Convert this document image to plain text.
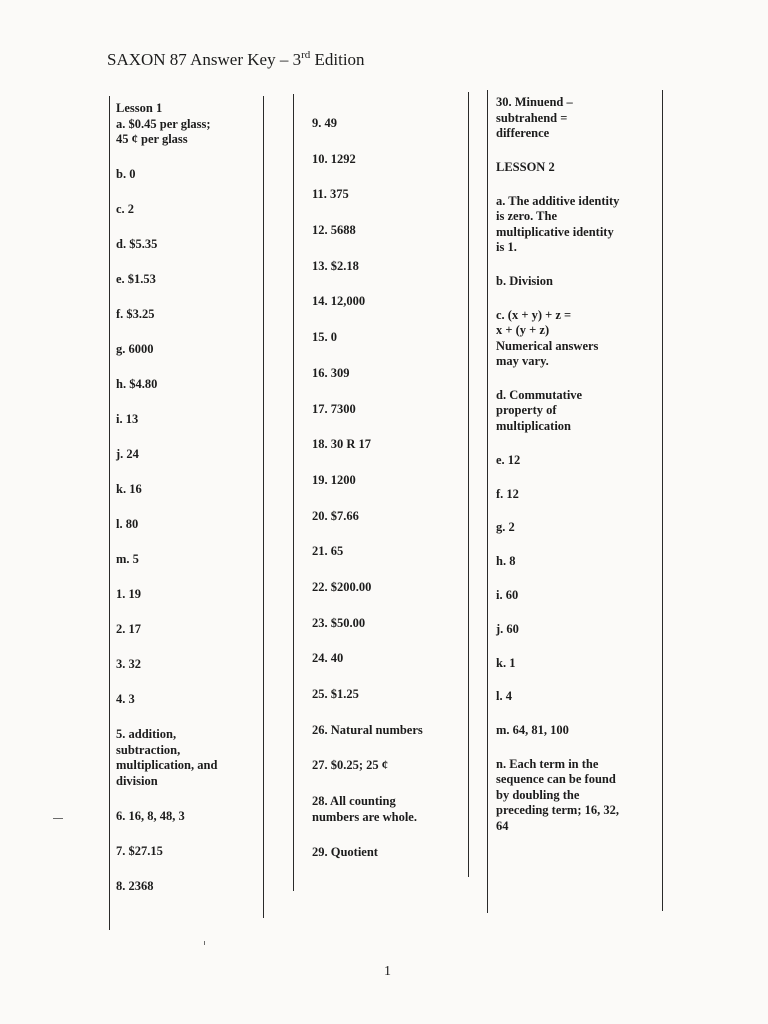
SAXON 87 Answer Key – 3rd Edition
Lesson 1
a. $0.45 per glass;
45 ¢ per glass
b. 0
c. 2
d. $5.35
e. $1.53
f. $3.25
g. 6000
h. $4.80
i. 13
j. 24
k. 16
l. 80
m. 5
1. 19
2. 17
3. 32
4. 3
5. addition,
subtraction,
multiplication, and
division
6. 16, 8, 48, 3
7. $27.15
8. 2368
9. 49
10. 1292
11. 375
12. 5688
13. $2.18
14. 12,000
15. 0
16. 309
17. 7300
18. 30 R 17
19. 1200
20. $7.66
21. 65
22. $200.00
23. $50.00
24. 40
25. $1.25
26. Natural numbers
27. $0.25; 25 ¢
28. All counting
numbers are whole.
29. Quotient
30. Minuend –
subtrahend =
difference
LESSON 2
a. The additive identity
is zero. The
multiplicative identity
is 1.
b. Division
c. (x + y) + z =
x + (y + z)
Numerical answers
may vary.
d. Commutative
property of
multiplication
e. 12
f. 12
g. 2
h. 8
i. 60
j. 60
k. 1
l. 4
m. 64, 81, 100
n. Each term in the
sequence can be found
by doubling the
preceding term; 16, 32,
64
1
